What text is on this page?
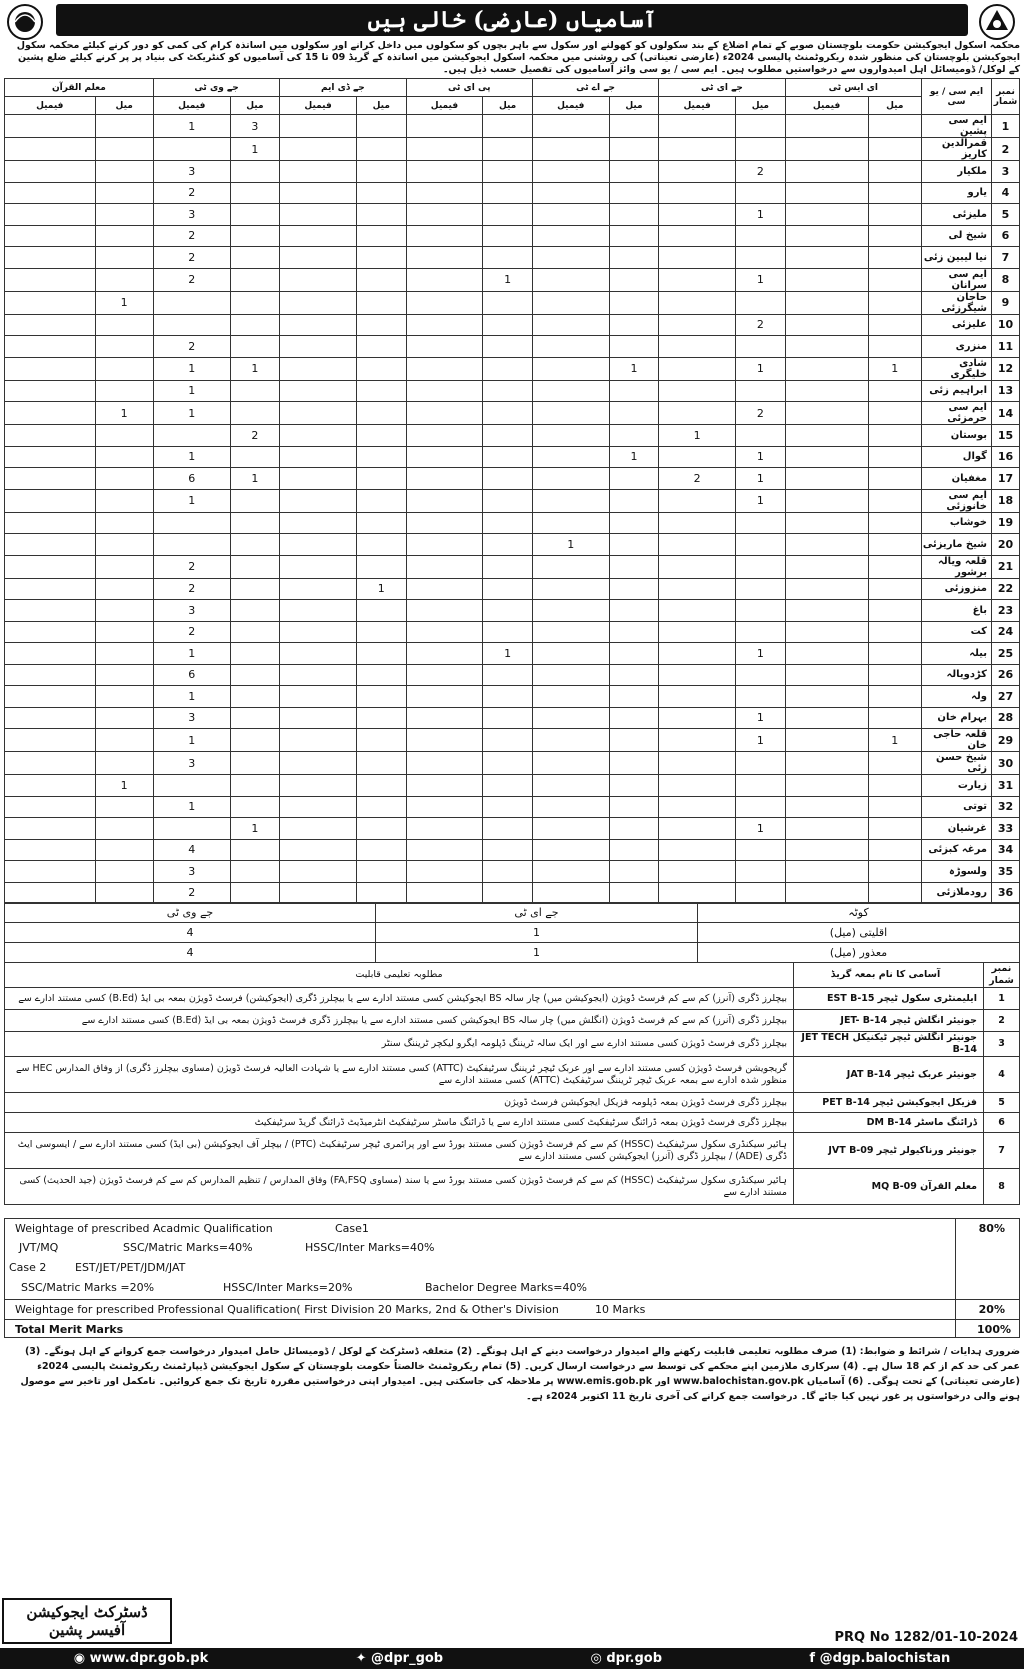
آسامیاں (عارضی) خالی ہیں
محکمہ اسکول ایجوکیشن حکومت بلوچستان صوبے کے تمام اضلاع کے بند سکولوں کو کھولنے اور سکول سے باہر بچوں کو سکولوں میں داخل کرانے اور سکولوں میں اساتذہ کرام کی کمی کو دور کرنے کیلئے محکمہ سکول ایجوکیشن بلوچستان کی منظور شدہ ریکروٹمنٹ پالیسی 2024ء (عارضی تعیناتی) کی روشنی میں محکمہ اسکول ایجوکیشن میں اساتذہ کے گریڈ 09 تا 15 کی آسامیوں کو کنٹریکٹ کی بنیاد پر پر کرنے کیلئے ضلع پشین کے لوکل/ ڈومیسائل اہل امیدواروں سے درخواستیں مطلوب ہیں۔ ایم سی / یو سی وائز آسامیوں کی تفصیل حسب ذیل ہیں۔
نمبر شمار	ایم سی / یو سی	ای ایس ٹی		جے ای ٹی		جے اے ٹی		پی ای ٹی		جے ڈی ایم		جے وی ٹی		معلم القرآن	
		میل	فیمیل	میل	فیمیل	میل	فیمیل	میل	فیمیل	میل	فیمیل	میل	فیمیل	میل	فیمیل
1	ایم سی پشین											3	1		
2	قمرالدین کاریز											1			
3	ملکیار			2									3		
4	یارو												2		
5	ملیزئی			1									3		
6	شیخ لی												2		
7	نیا لیبین زئی												2		
8	ایم سی سرانان			1				1					2		
9	حاجان شیگرزئی													1	
10	علیزئی			2											
11	منزری												2		
12	شادی خلیگری	1		1		1						1	1		
13	ابراہیم زئی												1		
14	ایم سی حرمزئی			2									1	1	
15	بوستان				1							2			
16	گوال			1		1							1		
17	مغفیان			1	2							1	6		
18	ایم سی خانوزئی			1									1		
19	خوشاب														
20	شیخ ماریزئی						1								
21	قلعہ ویالہ برشور												2		
22	منزوزئی									1			2		
23	باغ												3		
24	کت												2		
25	بیلہ			1				1					1		
26	کڑدویالہ												6		
27	ولہ												1		
28	بہرام خان			1									3		
29	قلعہ حاجی خان	1		1									1		
30	شیخ حسن زئی												3		
31	زیارت													1	
32	توتی												1		
33	غرشیان			1								1			
34	مرغہ کبزئی												4		
35	ولسوڑہ												3		
36	رودملازئی												2		
کوٹہ	جے ای ٹی	جے وی ٹی
اقلیتی (میل)	1	4
معذور (میل)	1	4
نمبر شمار	آسامی کا نام بمعہ گریڈ	مطلوبہ تعلیمی قابلیت
1	ایلیمنٹری سکول ٹیچر EST B-15	بیچلرز ڈگری (آنرز) کم سے کم فرسٹ ڈویژن (ایجوکیشن میں) چار سالہ BS ایجوکیشن کسی مستند ادارے سے یا بیچلرز ڈگری (ایجوکیشن) فرسٹ ڈویژن بمعہ بی ایڈ (B.Ed) کسی مستند ادارے سے
2	جونیئر انگلش ٹیچر JET- B-14	بیچلرز ڈگری (آنرز) کم سے کم فرسٹ ڈویژن (انگلش میں) چار سالہ BS ایجوکیشن کسی مستند ادارے سے یا بیچلرز ڈگری فرسٹ ڈویژن بمعہ بی ایڈ (B.Ed) کسی مستند ادارے سے
3	جونیئر انگلش ٹیچر ٹیکنیکل JET TECH B-14	بیچلرز ڈگری فرسٹ ڈویژن کسی مستند ادارے سے اور ایک سالہ ٹریننگ ڈپلومہ ایگرو لیکچر ٹریننگ سنٹر
4	جونیئر عربک ٹیچر JAT B-14	گریجویشن فرسٹ ڈویژن کسی مستند ادارے سے اور عربک ٹیچر ٹریننگ سرٹیفکیٹ (ATTC) کسی مستند ادارے سے یا شہادت العالیہ فرسٹ ڈویژن (مساوی بیچلرز ڈگری) از وفاق المدارس HEC سے منظور شدہ ادارے سے بمعہ عربک ٹیچر ٹریننگ سرٹیفکیٹ (ATTC) کسی مستند ادارے سے
5	فزیکل ایجوکیشن ٹیچر PET B-14	بیچلرز ڈگری فرسٹ ڈویژن بمعہ ڈپلومہ فزیکل ایجوکیشن فرسٹ ڈویژن
6	ڈرائنگ ماسٹر DM B-14	بیچلرز ڈگری فرسٹ ڈویژن بمعہ ڈرائنگ سرٹیفکیٹ کسی مستند ادارے سے یا ڈرائنگ ماسٹر سرٹیفکیٹ انٹرمیڈیٹ ڈرائنگ گریڈ سرٹیفکیٹ
7	جونیئر ورناکیولر ٹیچر JVT B-09	ہائیر سیکنڈری سکول سرٹیفکیٹ (HSSC) کم سے کم فرسٹ ڈویژن کسی مستند بورڈ سے اور پرائمری ٹیچر سرٹیفکیٹ (PTC) / بیچلر آف ایجوکیشن (بی ایڈ) کسی مستند ادارے سے / ایسوسی ایٹ ڈگری (ADE) / بیچلرز ڈگری (آنرز) ایجوکیشن کسی مستند ادارے سے
8	معلم القرآن MQ B-09	ہائیر سیکنڈری سکول سرٹیفکیٹ (HSSC) کم سے کم فرسٹ ڈویژن کسی مستند بورڈ سے یا سند (مساوی FA,FSQ) وفاق المدارس / تنظیم المدارس کم سے کم فرسٹ ڈویژن (جید الحدیث) کسی مستند ادارے سے
Weightage of prescribed Acadmic Qualification	Case1	80%
JVT/MQ	SSC/Matric Marks=40%	HSSC/Inter Marks=40%
Case 2	EST/JET/PET/JDM/JAT
SSC/Matric Marks =20%	HSSC/Inter Marks=20%	Bachelor Degree Marks=40%
Weightage for prescribed Professional Qualification( First Division 20 Marks, 2nd & Other's Division	10 Marks	20%
Total Merit Marks	100%
ضروری ہدایات / شرائط و ضوابط: (1) صرف مطلوبہ تعلیمی قابلیت رکھنے والے امیدوار درخواست دینے کے اہل ہونگے۔ (2) متعلقہ ڈسٹرکٹ کے لوکل / ڈومیسائل حامل امیدوار درخواست جمع کروانے کے اہل ہونگے۔ (3) عمر کی حد کم از کم 18 سال ہے۔ (4) سرکاری ملازمین اپنے محکمے کی توسط سے درخواست ارسال کریں۔ (5) تمام ریکروٹمنٹ خالصتاً حکومت بلوچستان کے سکول ایجوکیشن ڈیپارٹمنٹ ریکروٹمنٹ پالیسی 2024ء (عارضی تعیناتی) کے تحت ہوگی۔ (6) آسامیاں www.balochistan.gov.pk اور www.emis.gob.pk پر ملاحظہ کی جاسکتی ہیں۔ امیدوار اپنی درخواستیں مقررہ تاریخ تک جمع کروائیں۔ نامکمل اور تاخیر سے موصول ہونے والی درخواستوں پر غور نہیں کیا جائے گا۔ درخواست جمع کرانے کی آخری تاریخ 11 اکتوبر 2024ء ہے۔
ڈسٹرکٹ ایجوکیشن
آفیسر پشین	PRQ No 1282/01-10-2024
◉ www.dpr.gob.pk	✦ @dpr_gob	◎ dpr.gob	f @dgp.balochistan
